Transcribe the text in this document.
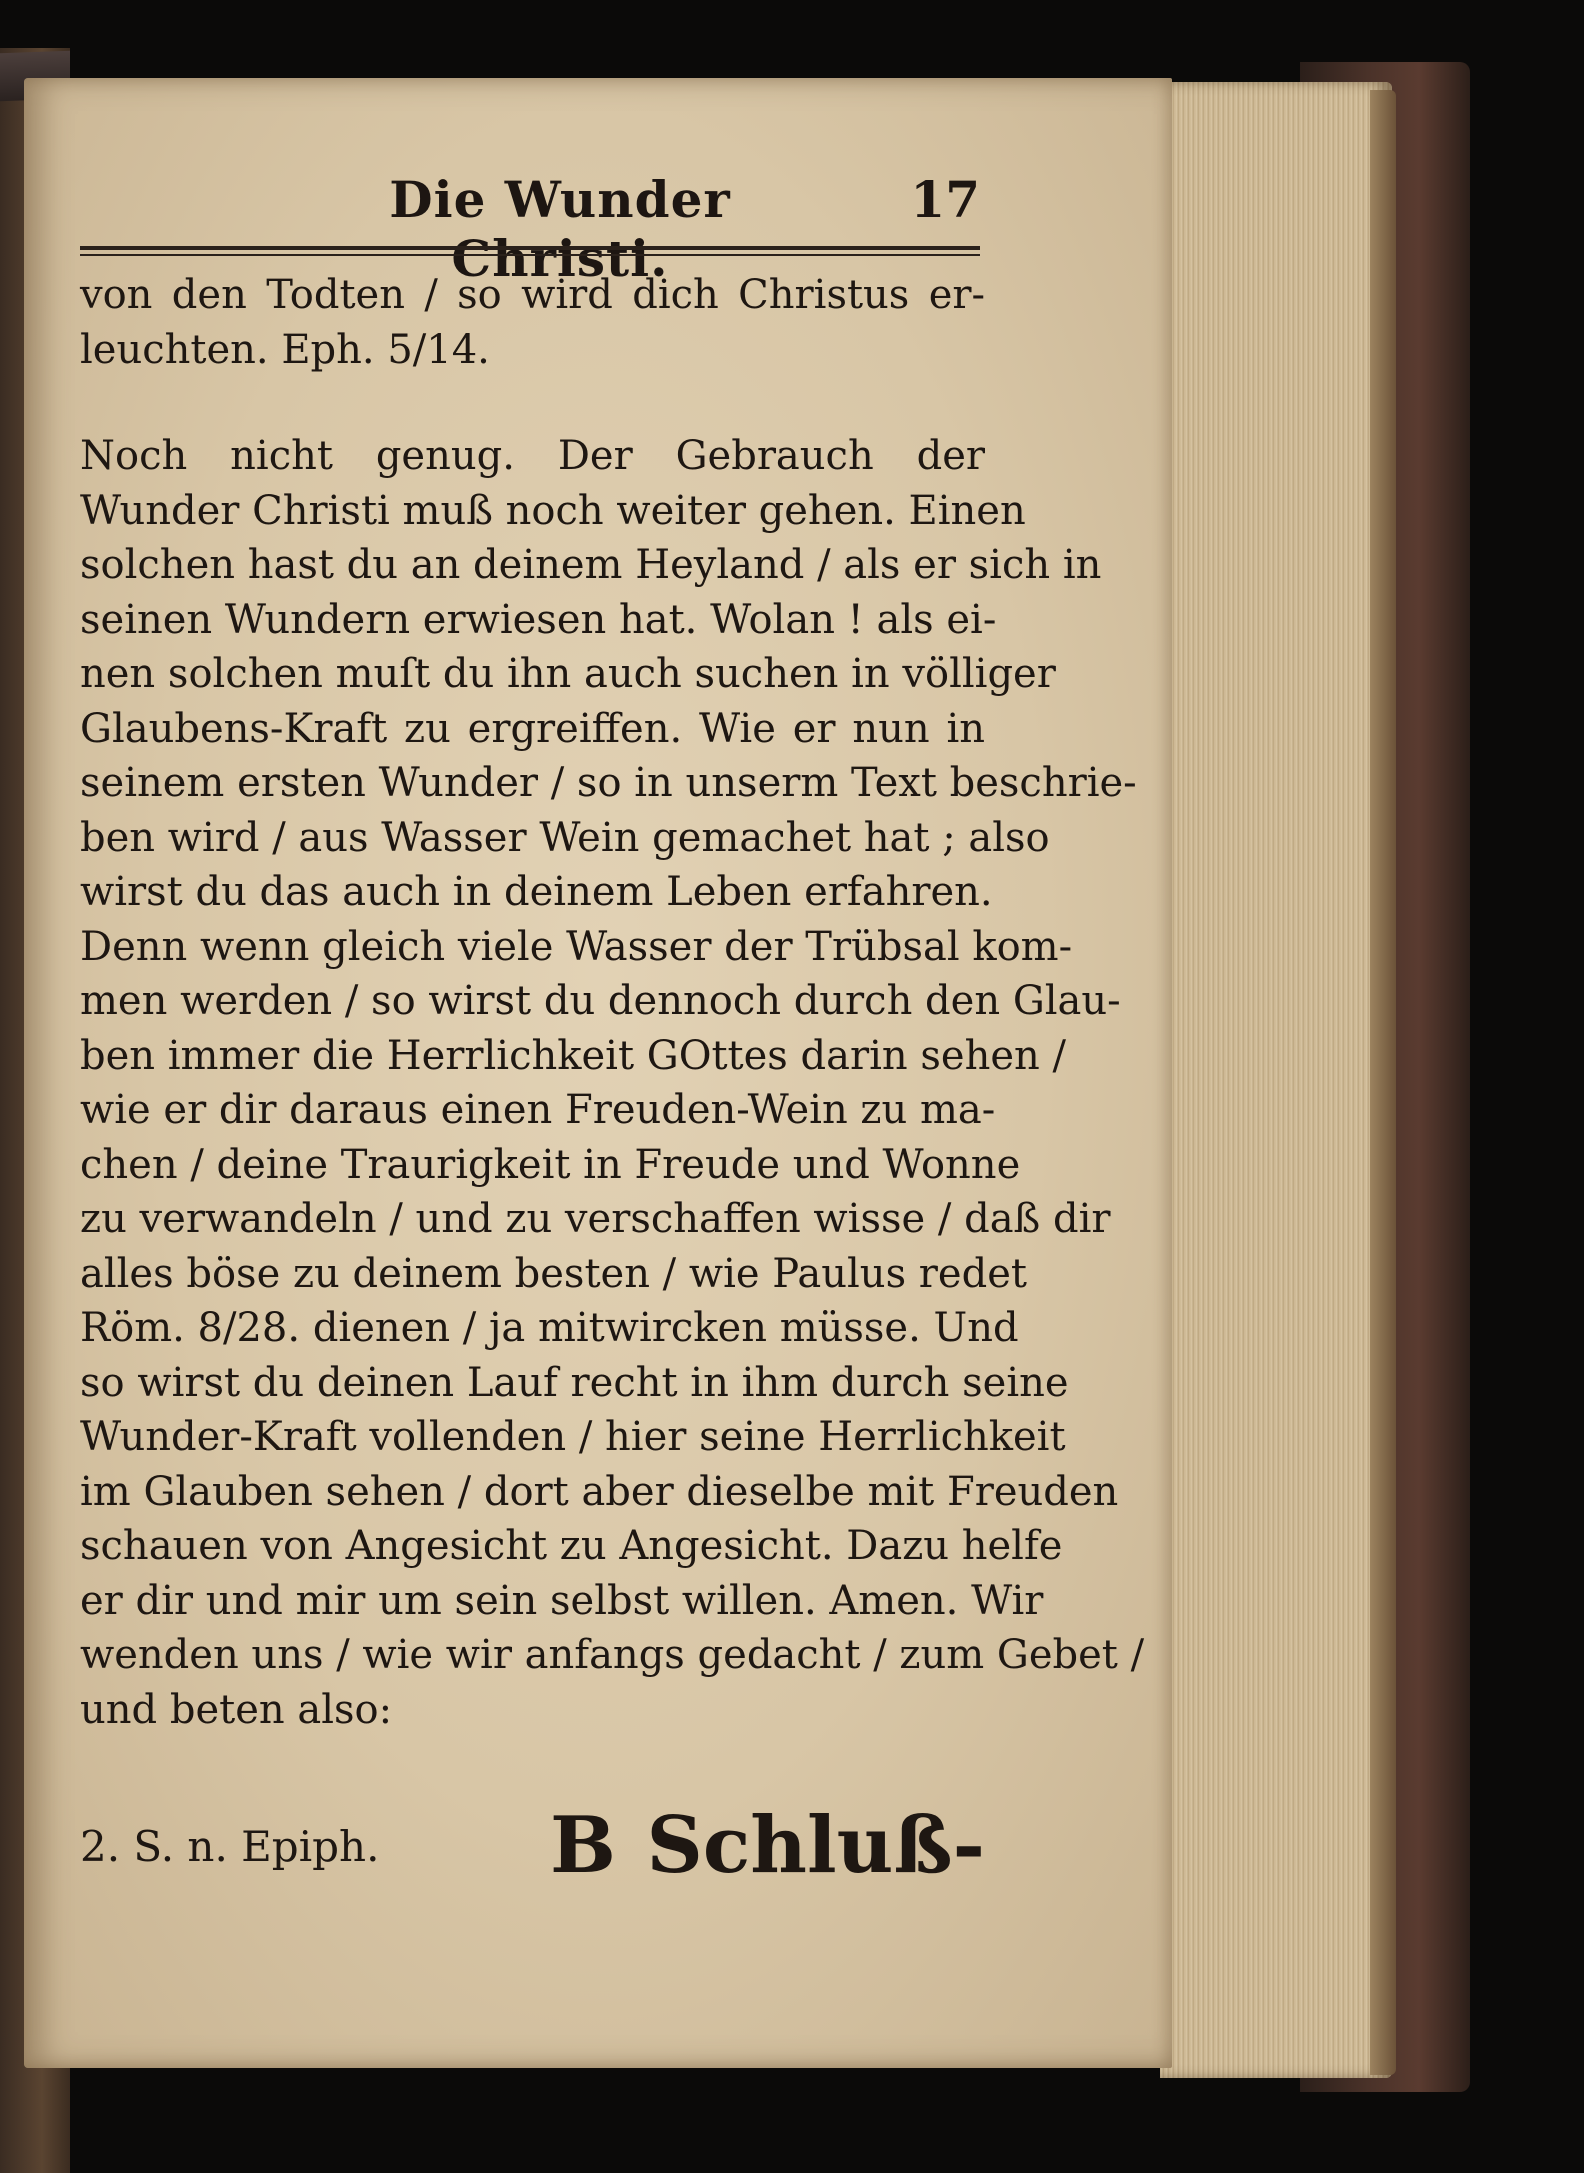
Die Wunder Christi.
17
von den Todten / so wird dich Christus er-
leuchten. Eph. 5/14.
Noch nicht genug. Der Gebrauch der
Wunder Christi muß noch weiter gehen. Einen
solchen hast du an deinem Heyland / als er sich in
seinen Wundern erwiesen hat. Wolan ! als ei-
nen solchen muſt du ihn auch suchen in völliger
Glaubens-Kraft zu ergreiffen. Wie er nun in
seinem ersten Wunder / so in unserm Text beschrie-
ben wird / aus Wasser Wein gemachet hat ; also
wirst du das auch in deinem Leben erfahren.
Denn wenn gleich viele Wasser der Trübsal kom-
men werden / so wirst du dennoch durch den Glau-
ben immer die Herrlichkeit GOttes darin sehen /
wie er dir daraus einen Freuden-Wein zu ma-
chen / deine Traurigkeit in Freude und Wonne
zu verwandeln / und zu verschaffen wisse / daß dir
alles böse zu deinem besten / wie Paulus redet
Röm. 8/28. dienen / ja mitwircken müsse. Und
so wirst du deinen Lauf recht in ihm durch seine
Wunder-Kraft vollenden / hier seine Herrlichkeit
im Glauben sehen / dort aber dieselbe mit Freuden
schauen von Angesicht zu Angesicht. Dazu helfe
er dir und mir um sein selbst willen. Amen. Wir
wenden uns / wie wir anfangs gedacht / zum Gebet /
und beten also:
2. S. n. Epiph. B Schluß-
